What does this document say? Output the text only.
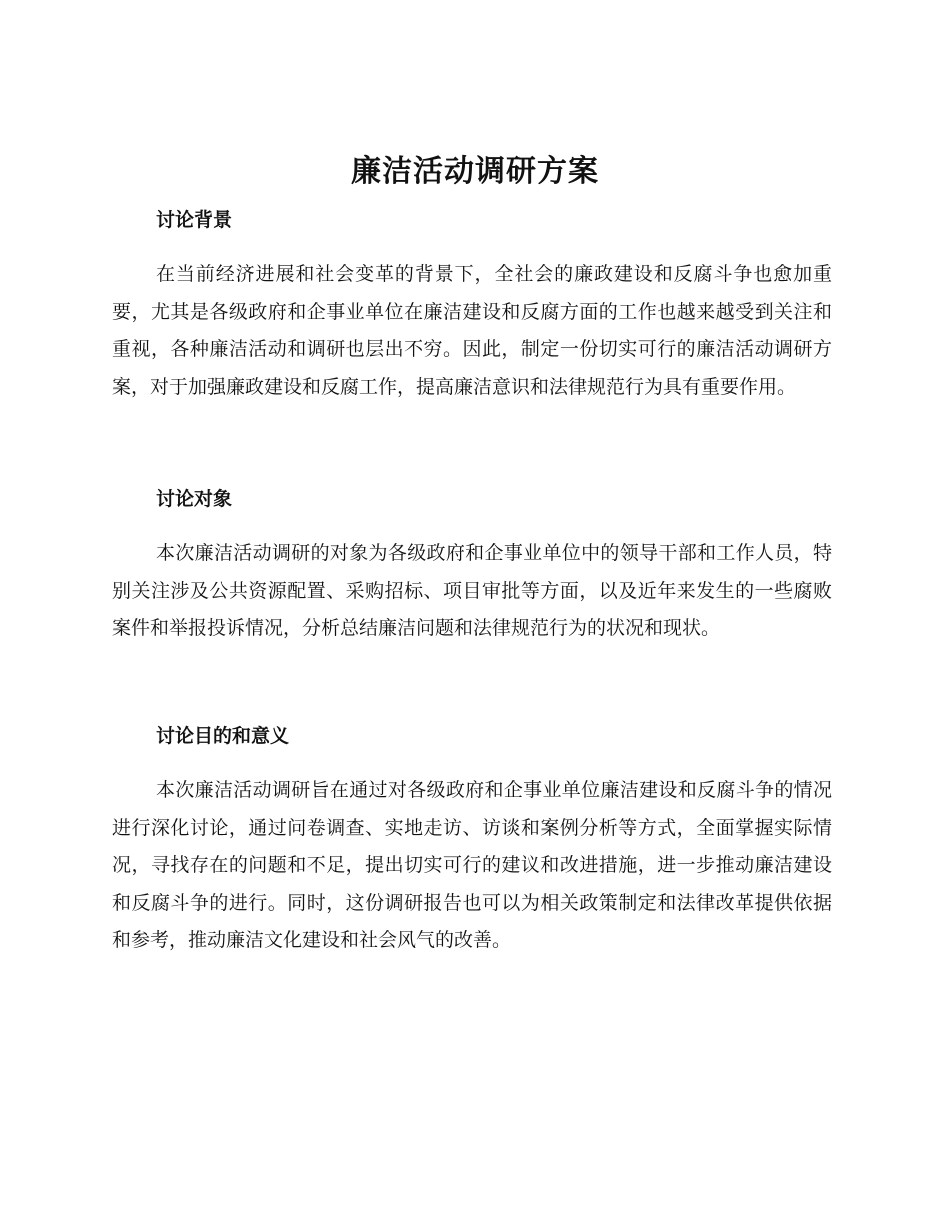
廉洁活动调研方案
讨论背景

在当前经济进展和社会变革的背景下，全社会的廉政建设和反腐斗争也愈加重要，尤其是各级政府和企事业单位在廉洁建设和反腐方面的工作也越来越受到关注和重视，各种廉洁活动和调研也层出不穷。因此，制定一份切实可行的廉洁活动调研方案，对于加强廉政建设和反腐工作，提高廉洁意识和法律规范行为具有重要作用。

讨论对象

本次廉洁活动调研的对象为各级政府和企事业单位中的领导干部和工作人员，特别关注涉及公共资源配置、采购招标、项目审批等方面，以及近年来发生的一些腐败案件和举报投诉情况，分析总结廉洁问题和法律规范行为的状况和现状。

讨论目的和意义

本次廉洁活动调研旨在通过对各级政府和企事业单位廉洁建设和反腐斗争的情况进行深化讨论，通过问卷调查、实地走访、访谈和案例分析等方式，全面掌握实际情况，寻找存在的问题和不足，提出切实可行的建议和改进措施，进一步推动廉洁建设和反腐斗争的进行。同时，这份调研报告也可以为相关政策制定和法律改革提供依据和参考，推动廉洁文化建设和社会风气的改善。
